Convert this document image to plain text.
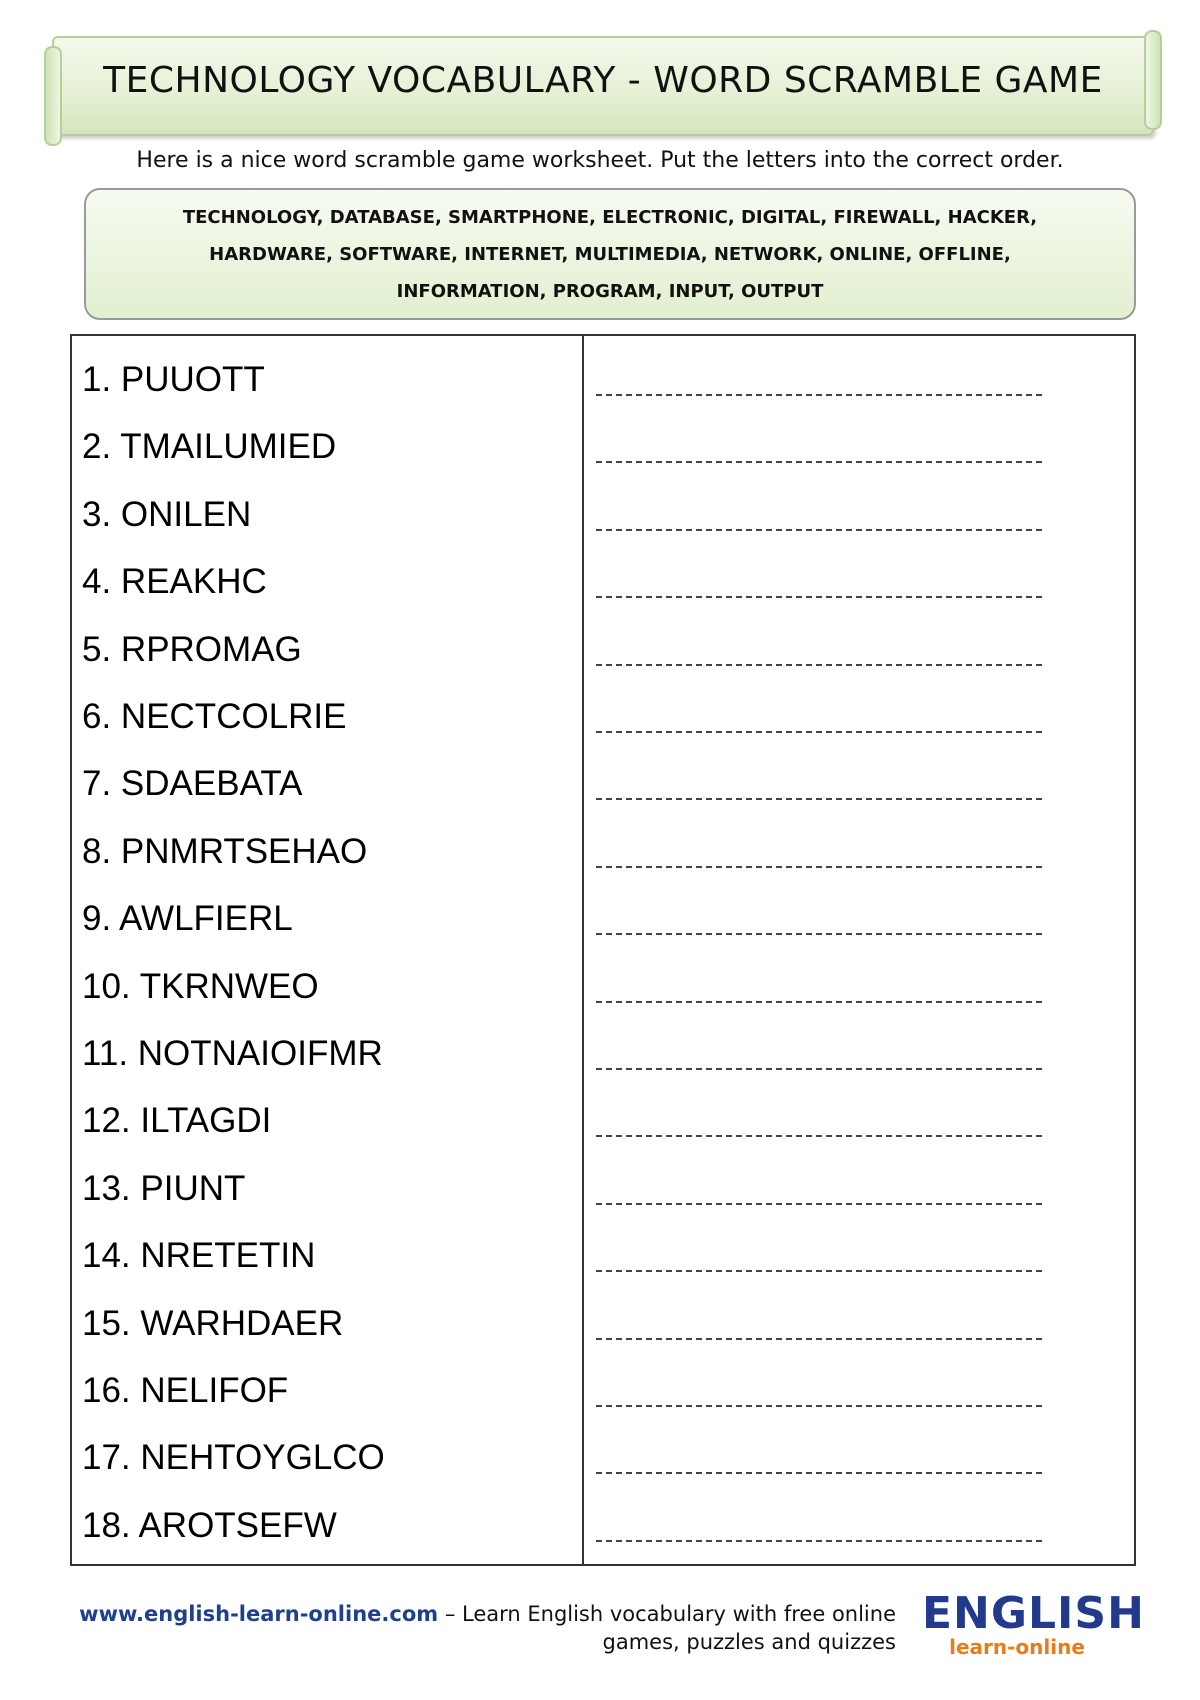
TECHNOLOGY VOCABULARY - WORD SCRAMBLE GAME
Here is a nice word scramble game worksheet. Put the letters into the correct order.
TECHNOLOGY, DATABASE, SMARTPHONE, ELECTRONIC, DIGITAL, FIREWALL, HACKER,
HARDWARE, SOFTWARE, INTERNET, MULTIMEDIA, NETWORK, ONLINE, OFFLINE,
INFORMATION, PROGRAM, INPUT, OUTPUT
1. PUUOTT
2. TMAILUMIED
3. ONILEN
4. REAKHC
5. RPROMAG
6. NECTCOLRIE
7. SDAEBATA
8. PNMRTSEHAO
9. AWLFIERL
10. TKRNWEO
11. NOTNAIOIFMR
12. ILTAGDI
13. PIUNT
14. NRETETIN
15. WARHDAER
16. NELIFOF
17. NEHTOYGLCO
18. AROTSEFW
www.english-learn-online.com – Learn English vocabulary with free online
games, puzzles and quizzes
ENGLISH
learn-online
